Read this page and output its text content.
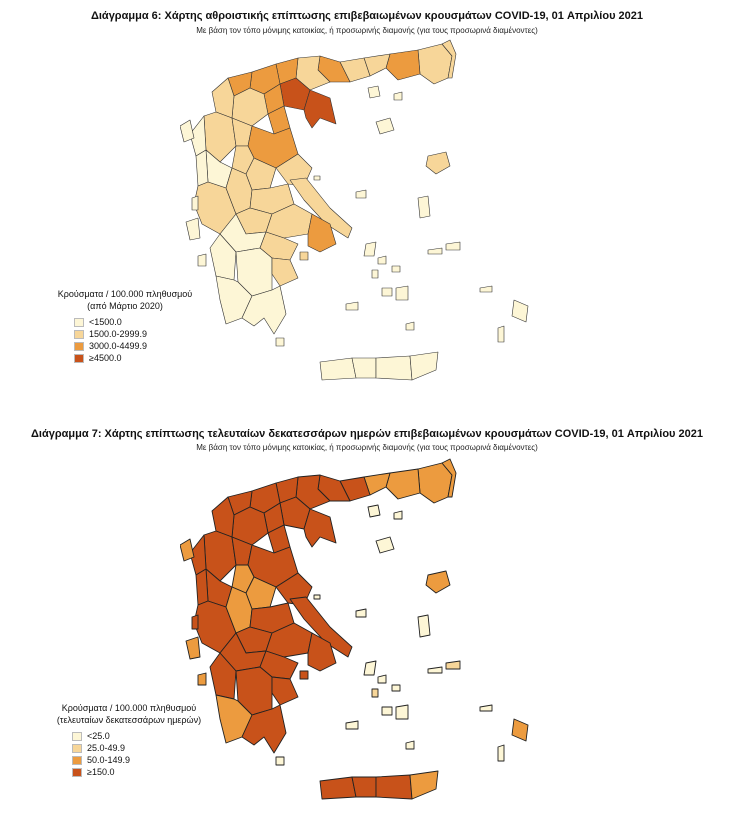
Διάγραμμα 6: Χάρτης αθροιστικής επίπτωσης επιβεβαιωμένων κρουσμάτων COVID-19, 01 Απριλίου 2021
Με βάση τον τόπο μόνιμης κατοικίας, ή προσωρινής διαμονής (για τους προσωρινά διαμένοντες)
Κρούσματα / 100.000 πληθυσμού
(από Μάρτιο 2020)
<1500.0
1500.0-2999.9
3000.0-4499.9
≥4500.0
Διάγραμμα 7: Χάρτης επίπτωσης τελευταίων δεκατεσσάρων ημερών επιβεβαιωμένων κρουσμάτων COVID-19, 01 Απριλίου 2021
Με βάση τον τόπο μόνιμης κατοικίας, ή προσωρινής διαμονής (για τους προσωρινά διαμένοντες)
Κρούσματα / 100.000 πληθυσμού
(τελευταίων δεκατεσσάρων ημερών)
<25.0
25.0-49.9
50.0-149.9
≥150.0
